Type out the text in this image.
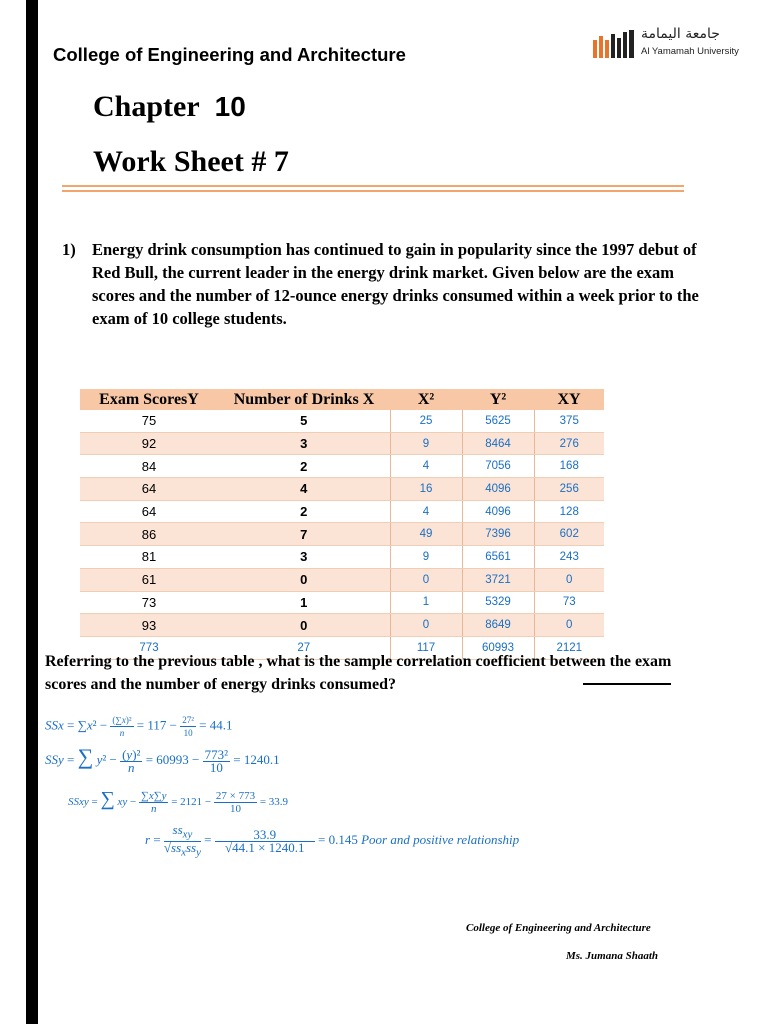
College of Engineering and Architecture
جامعة اليمامة
Al Yamamah University
Chapter 10
Work Sheet # 7
1) Energy drink consumption has continued to gain in popularity since the 1997 debut of Red Bull, the current leader in the energy drink market. Given below are the exam scores and the number of 12-ounce energy drinks consumed within a week prior to the exam of 10 college students.
Exam ScoresY	Number of Drinks X	X²	Y²	XY
75	5	25	5625	375
92	3	9	8464	276
84	2	4	7056	168
64	4	16	4096	256
64	2	4	4096	128
86	7	49	7396	602
81	3	9	6561	243
61	0	0	3721	0
73	1	1	5329	73
93	0	0	8649	0
773	27	117	60993	2121
Referring to the previous table , what is the sample correlation coefficient between the exam scores and the number of energy drinks consumed?
SSx = $\sum x^2 - \frac{\text{(∑x)²}}{n} = 117 - \frac{\text{27²}}{10} = 44.1$
SSy = ∑ $y^2 - \frac{\text{(y)²}}{n} = 60993 - \frac{\text{773²}}{10} = 1240.1$
SSxy = ∑ xy − $\frac{\sum x\sum y}{n} = 2121 - \frac{27 \times 773}{10} = 33.9$
$r = \frac{ss_{xy}}{√ss_xss_y} = \frac{33.9}{√44.1 \times 1240.1} = 0.145$ Poor and positive relationship
College of Engineering and Architecture
Ms. Jumana Shaath
